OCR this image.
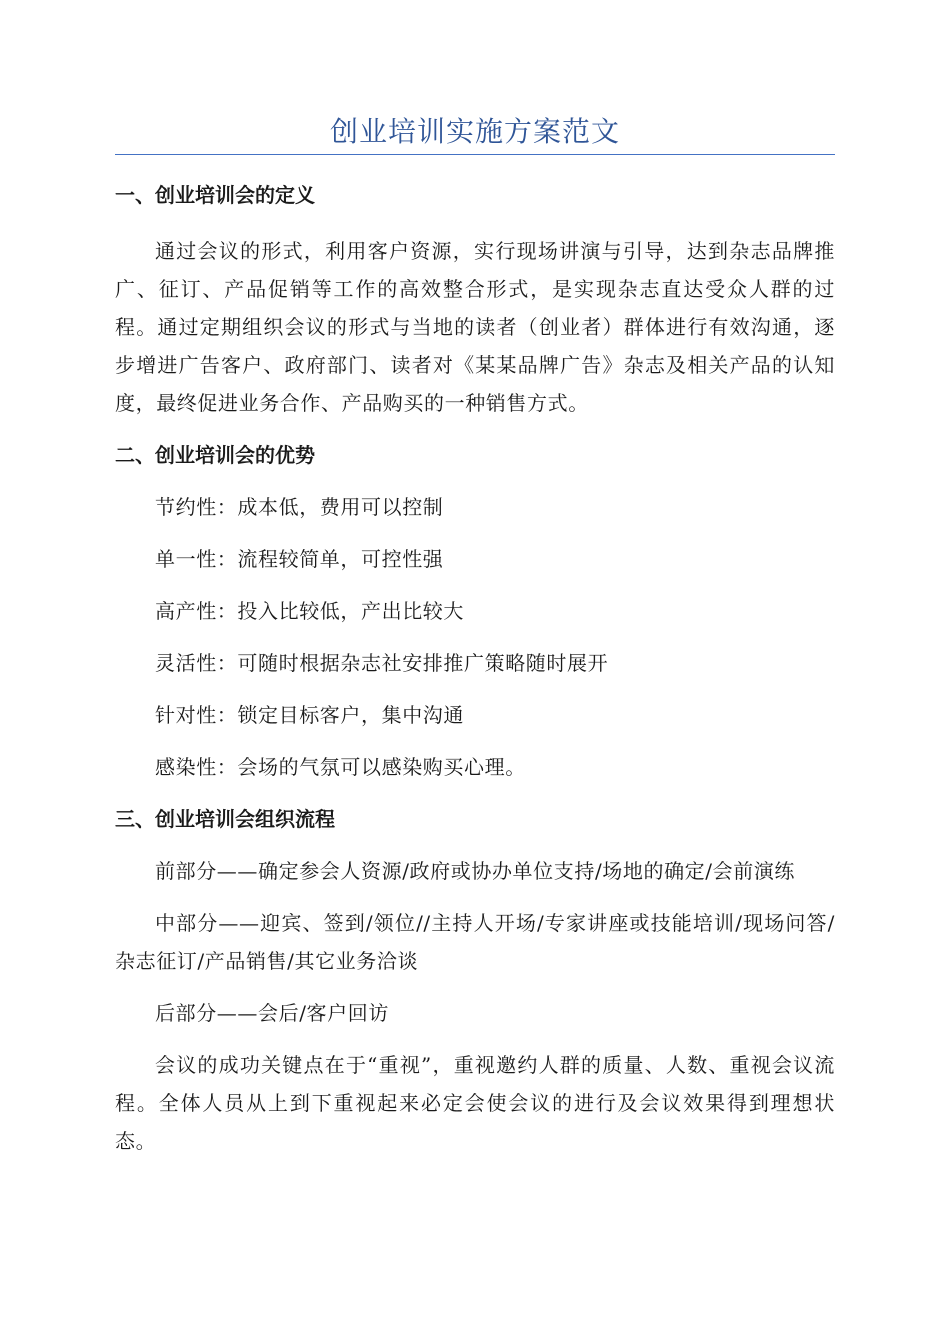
创业培训实施方案范文
一、创业培训会的定义

通过会议的形式，利用客户资源，实行现场讲演与引导，达到杂志品牌推广、征订、产品促销等工作的高效整合形式，是实现杂志直达受众人群的过程。通过定期组织会议的形式与当地的读者（创业者）群体进行有效沟通，逐步增进广告客户、政府部门、读者对《某某品牌广告》杂志及相关产品的认知度，最终促进业务合作、产品购买的一种销售方式。

二、创业培训会的优势

节约性：成本低，费用可以控制

单一性：流程较简单，可控性强

高产性：投入比较低，产出比较大

灵活性：可随时根据杂志社安排推广策略随时展开

针对性：锁定目标客户，集中沟通

感染性：会场的气氛可以感染购买心理。

三、创业培训会组织流程

前部分——确定参会人资源/政府或协办单位支持/场地的确定/会前演练

中部分——迎宾、签到/领位//主持人开场/专家讲座或技能培训/现场问答/杂志征订/产品销售/其它业务洽谈

后部分——会后/客户回访

会议的成功关键点在于“重视”，重视邀约人群的质量、人数、重视会议流程。全体人员从上到下重视起来必定会使会议的进行及会议效果得到理想状态。
